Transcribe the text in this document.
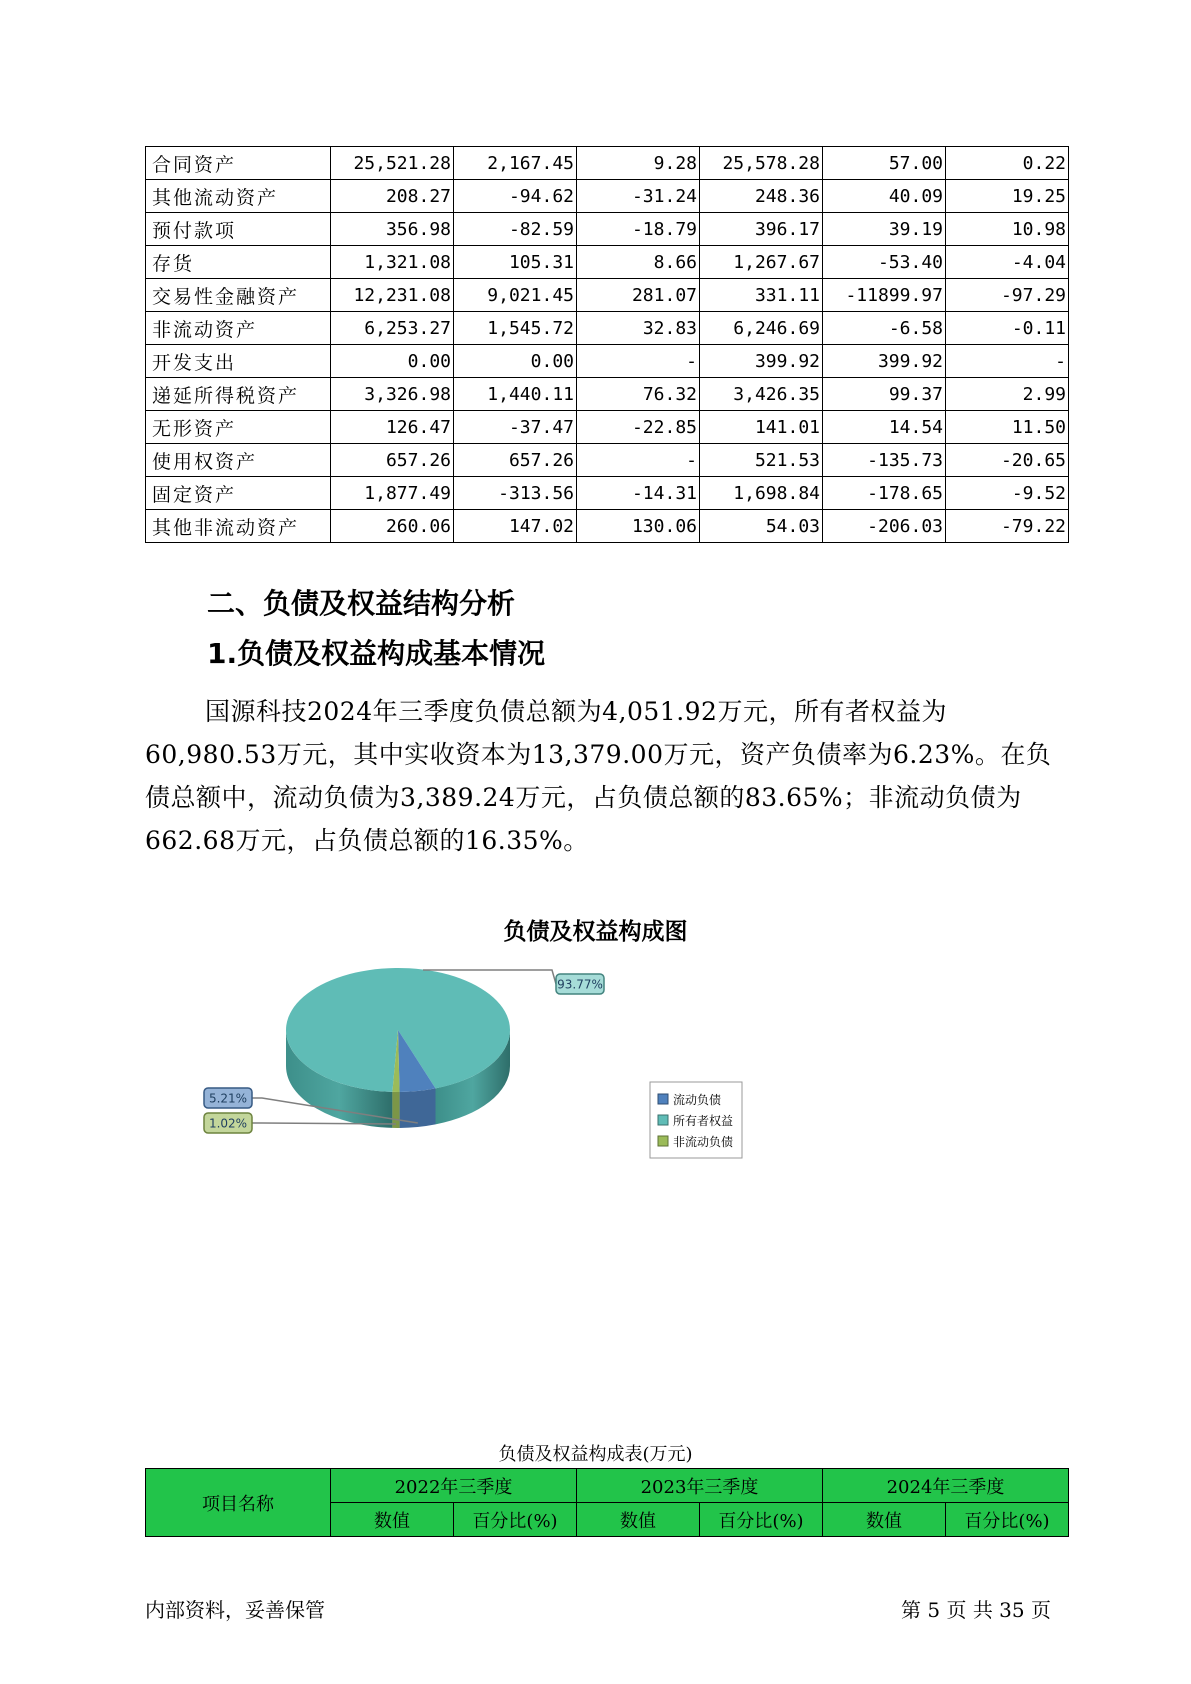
合同资产	25,521.28	2,167.45	9.28	25,578.28	57.00	0.22
其他流动资产	208.27	-94.62	-31.24	248.36	40.09	19.25
预付款项	356.98	-82.59	-18.79	396.17	39.19	10.98
存货	1,321.08	105.31	8.66	1,267.67	-53.40	-4.04
交易性金融资产	12,231.08	9,021.45	281.07	331.11	-11899.97	-97.29
非流动资产	6,253.27	1,545.72	32.83	6,246.69	-6.58	-0.11
开发支出	0.00	0.00	-	399.92	399.92	-
递延所得税资产	3,326.98	1,440.11	76.32	3,426.35	99.37	2.99
无形资产	126.47	-37.47	-22.85	141.01	14.54	11.50
使用权资产	657.26	657.26	-	521.53	-135.73	-20.65
固定资产	1,877.49	-313.56	-14.31	1,698.84	-178.65	-9.52
其他非流动资产	260.06	147.02	130.06	54.03	-206.03	-79.22
二、负债及权益结构分析
1.负债及权益构成基本情况
国源科技2024年三季度负债总额为4,051.92万元，所有者权益为60,980.53万元，其中实收资本为13,379.00万元，资产负债率为6.23%。在负债总额中，流动负债为3,389.24万元，占负债总额的83.65%；非流动负债为662.68万元，占负债总额的16.35%。
负债及权益构成图
93.77%
5.21%
1.02%
流动负债
所有者权益
非流动负债
负债及权益构成表(万元)
项目名称	2022年三季度		2023年三季度		2024年三季度	
	数值	百分比(%)	数值	百分比(%)	数值	百分比(%)
内部资料，妥善保管	第 5 页 共 35 页
